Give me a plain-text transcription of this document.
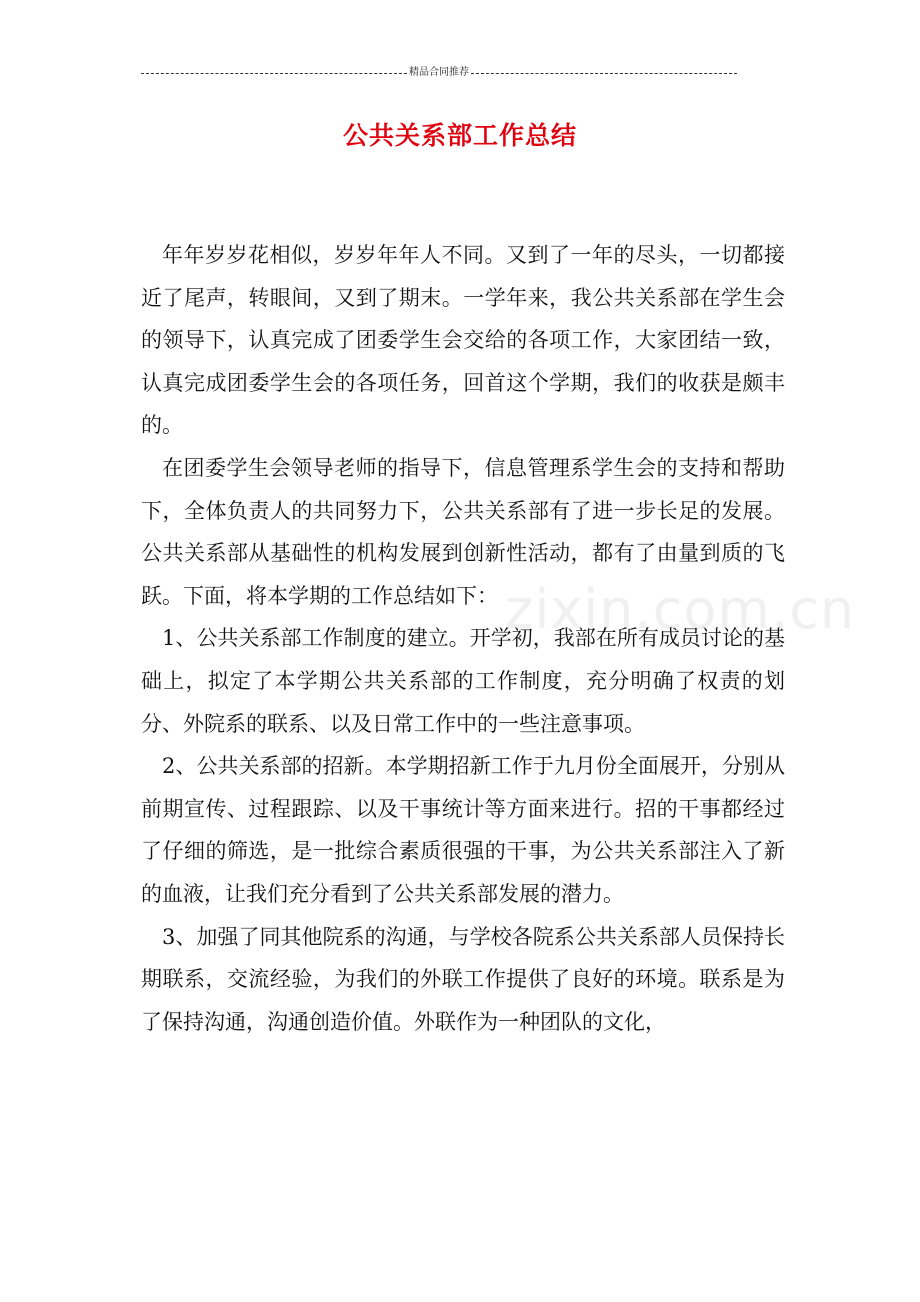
精品合同推荐
公共关系部工作总结

年年岁岁花相似，岁岁年年人不同。又到了一年的尽头，一切都接近了尾声，转眼间，又到了期末。一学年来，我公共关系部在学生会的领导下，认真完成了团委学生会交给的各项工作，大家团结一致，认真完成团委学生会的各项任务，回首这个学期，我们的收获是颇丰的。

在团委学生会领导老师的指导下，信息管理系学生会的支持和帮助下，全体负责人的共同努力下，公共关系部有了进一步长足的发展。公共关系部从基础性的机构发展到创新性活动，都有了由量到质的飞跃。下面，将本学期的工作总结如下：

1、公共关系部工作制度的建立。开学初，我部在所有成员讨论的基础上，拟定了本学期公共关系部的工作制度，充分明确了权责的划分、外院系的联系、以及日常工作中的一些注意事项。

2、公共关系部的招新。本学期招新工作于九月份全面展开，分别从前期宣传、过程跟踪、以及干事统计等方面来进行。招的干事都经过了仔细的筛选，是一批综合素质很强的干事，为公共关系部注入了新的血液，让我们充分看到了公共关系部发展的潜力。

3、加强了同其他院系的沟通，与学校各院系公共关系部人员保持长期联系，交流经验，为我们的外联工作提供了良好的环境。联系是为了保持沟通，沟通创造价值。外联作为一种团队的文化，

zixin.com.cn
